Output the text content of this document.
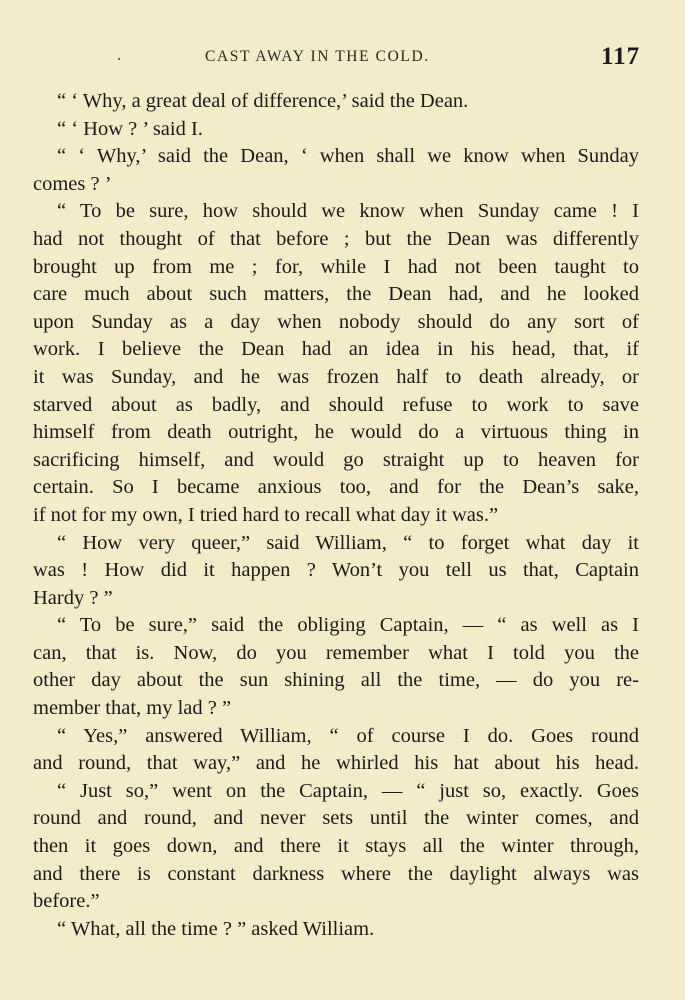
CAST AWAY IN THE COLD.	117
“ ‘ Why, a great deal of difference,’ said the Dean.
“ ‘ How ? ’ said I.
“ ‘ Why,’ said the Dean, ‘ when shall we know when Sunday
comes ? ’
“ To be sure, how should we know when Sunday came ! I
had not thought of that before ; but the Dean was differently
brought up from me ; for, while I had not been taught to
care much about such matters, the Dean had, and he looked
upon Sunday as a day when nobody should do any sort of
work. I believe the Dean had an idea in his head, that, if
it was Sunday, and he was frozen half to death already, or
starved about as badly, and should refuse to work to save
himself from death outright, he would do a virtuous thing in
sacrificing himself, and would go straight up to heaven for
certain. So I became anxious too, and for the Dean’s sake,
if not for my own, I tried hard to recall what day it was.”
“ How very queer,” said William, “ to forget what day it
was ! How did it happen ? Won’t you tell us that, Captain
Hardy ? ”
“ To be sure,” said the obliging Captain, — “ as well as I
can, that is. Now, do you remember what I told you the
other day about the sun shining all the time, — do you re-
member that, my lad ? ”
“ Yes,” answered William, “ of course I do. Goes round
and round, that way,” and he whirled his hat about his head.
“ Just so,” went on the Captain, — “ just so, exactly. Goes
round and round, and never sets until the winter comes, and
then it goes down, and there it stays all the winter through,
and there is constant darkness where the daylight always was
before.”
“ What, all the time ? ” asked William.
